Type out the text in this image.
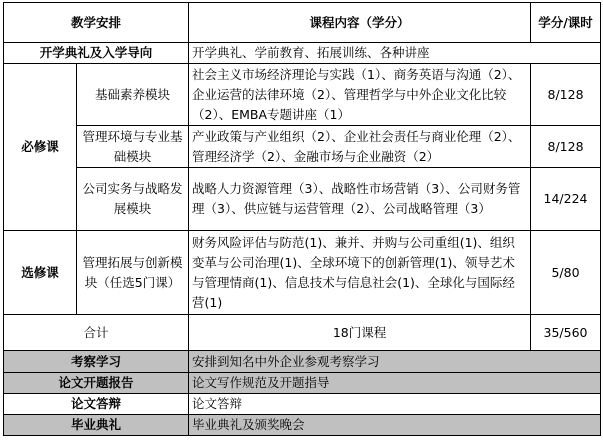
教学安排		课程内容（学分）	学分/课时
开学典礼及入学导向		开学典礼、学前教育、拓展训练、各种讲座	
必修课	基础素养模块	社会主义市场经济理论与实践（1）、商务英语与沟通（2）、企业运营的法律环境（2）、管理哲学与中外企业文化比较（2）、EMBA专题讲座（1）	8/128
	管理环境与专业基础模块	产业政策与产业组织（2）、企业社会责任与商业伦理（2）、管理经济学（2）、金融市场与企业融资（2）	8/128
	公司实务与战略发展模块	战略人力资源管理（3）、战略性市场营销（3）、公司财务管理（3）、供应链与运营管理（2）、公司战略管理（3）	14/224
选修课	管理拓展与创新模块（任选5门课）	财务风险评估与防范(1)、兼并、并购与公司重组(1)、组织变革与公司治理(1)、全球环境下的创新管理(1)、领导艺术与管理情商(1)、信息技术与信息社会(1)、全球化与国际经营(1)	5/80
合计		18门课程	35/560
考察学习		安排到知名中外企业参观考察学习	
论文开题报告		论文写作规范及开题指导	
论文答辩		论文答辩	
毕业典礼		毕业典礼及颁奖晚会	
